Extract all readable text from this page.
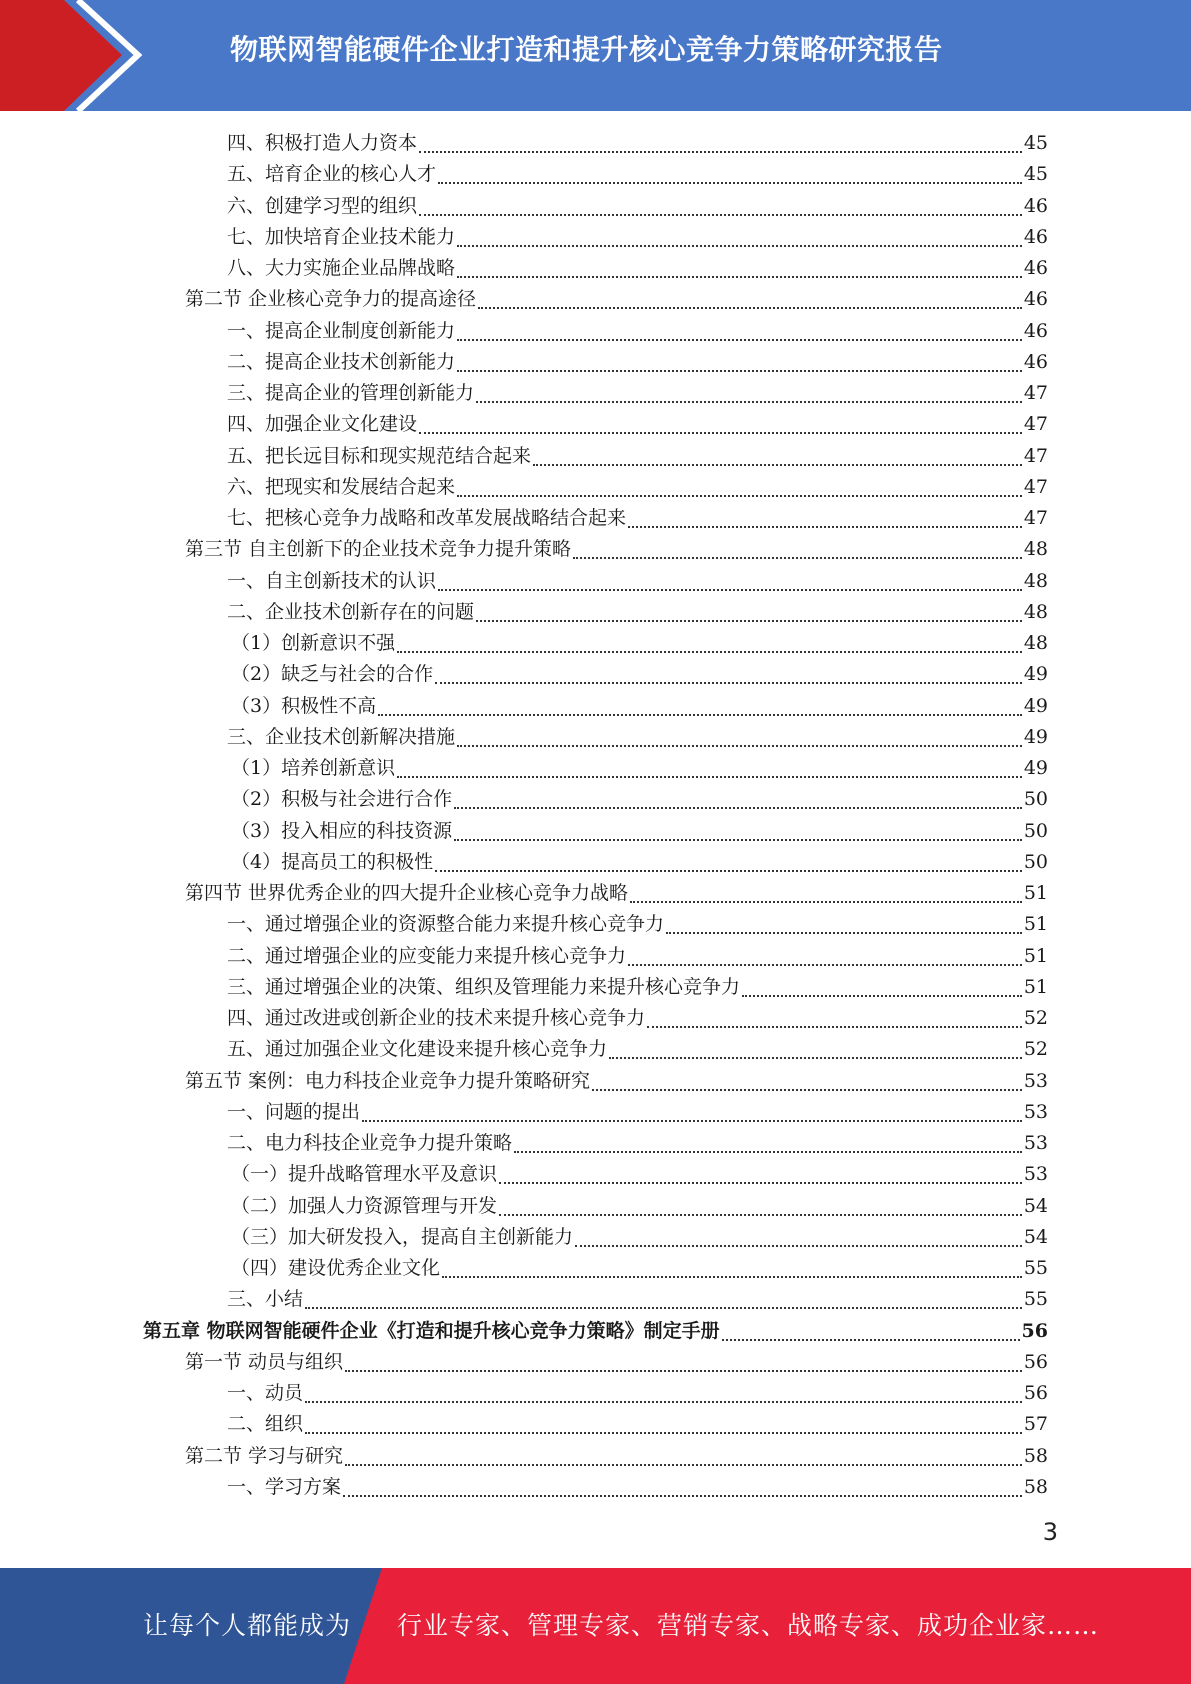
物联网智能硬件企业打造和提升核心竞争力策略研究报告
四、积极打造人力资本	45
五、培育企业的核心人才	45
六、创建学习型的组织	46
七、加快培育企业技术能力	46
八、大力实施企业品牌战略	46
第二节 企业核心竞争力的提高途径	46
一、提高企业制度创新能力	46
二、提高企业技术创新能力	46
三、提高企业的管理创新能力	47
四、加强企业文化建设	47
五、把长远目标和现实规范结合起来	47
六、把现实和发展结合起来	47
七、把核心竞争力战略和改革发展战略结合起来	47
第三节 自主创新下的企业技术竞争力提升策略	48
一、自主创新技术的认识	48
二、企业技术创新存在的问题	48
（1）创新意识不强	48
（2）缺乏与社会的合作	49
（3）积极性不高	49
三、企业技术创新解决措施	49
（1）培养创新意识	49
（2）积极与社会进行合作	50
（3）投入相应的科技资源	50
（4）提高员工的积极性	50
第四节 世界优秀企业的四大提升企业核心竞争力战略	51
一、通过增强企业的资源整合能力来提升核心竞争力	51
二、通过增强企业的应变能力来提升核心竞争力	51
三、通过增强企业的决策、组织及管理能力来提升核心竞争力	51
四、通过改进或创新企业的技术来提升核心竞争力	52
五、通过加强企业文化建设来提升核心竞争力	52
第五节 案例：电力科技企业竞争力提升策略研究	53
一、问题的提出	53
二、电力科技企业竞争力提升策略	53
（一）提升战略管理水平及意识	53
（二）加强人力资源管理与开发	54
（三）加大研发投入，提高自主创新能力	54
（四）建设优秀企业文化	55
三、小结	55
第五章 物联网智能硬件企业《打造和提升核心竞争力策略》制定手册	56
第一节 动员与组织	56
一、动员	56
二、组织	57
第二节 学习与研究	58
一、学习方案	58
3
让每个人都能成为 行业专家、管理专家、营销专家、战略专家、成功企业家……
